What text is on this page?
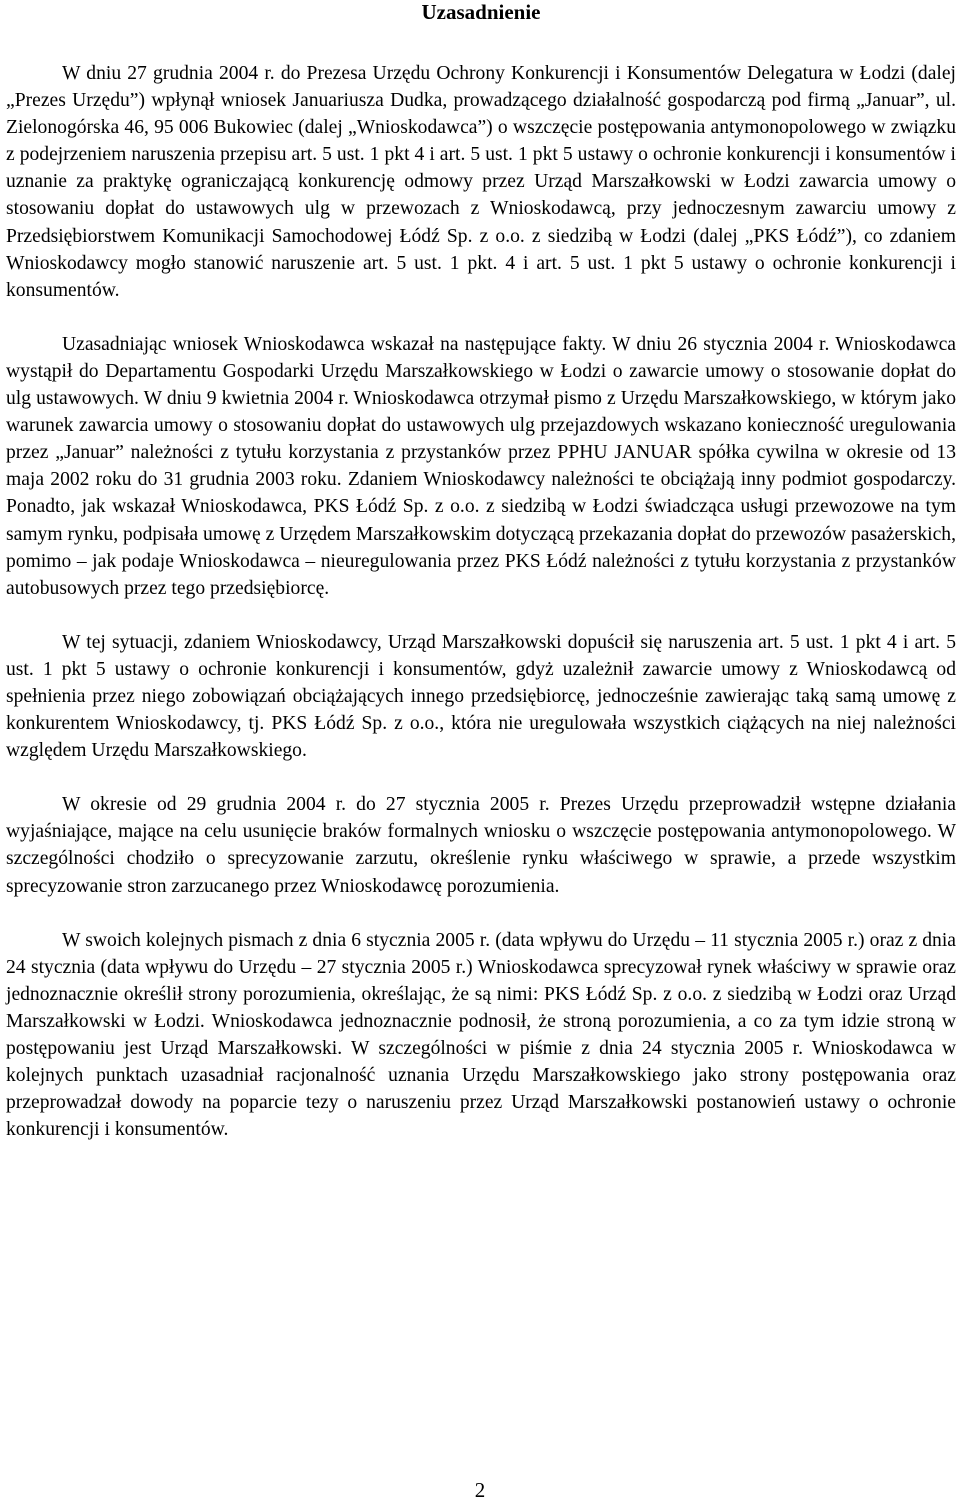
Uzasadnienie

W dniu 27 grudnia 2004 r. do Prezesa Urzędu Ochrony Konkurencji i Konsumentów Delegatura w Łodzi (dalej „Prezes Urzędu”) wpłynął wniosek Januariusza Dudka, prowadzącego działalność gospodarczą pod firmą „Januar”, ul. Zielonogórska 46, 95 006 Bukowiec (dalej „Wnioskodawca”) o wszczęcie postępowania antymonopolowego w związku z podejrzeniem naruszenia przepisu art. 5 ust. 1 pkt 4 i art. 5 ust. 1 pkt 5 ustawy o ochronie konkurencji i konsumentów i uznanie za praktykę ograniczającą konkurencję odmowy przez Urząd Marszałkowski w Łodzi zawarcia umowy o stosowaniu dopłat do ustawowych ulg w przewozach z Wnioskodawcą, przy jednoczesnym zawarciu umowy z Przedsiębiorstwem Komunikacji Samochodowej Łódź Sp. z o.o. z siedzibą w Łodzi (dalej „PKS Łódź”), co zdaniem Wnioskodawcy mogło stanowić naruszenie art. 5 ust. 1 pkt. 4 i art. 5 ust. 1 pkt 5 ustawy o ochronie konkurencji i konsumentów.

Uzasadniając wniosek Wnioskodawca wskazał na następujące fakty. W dniu 26 stycznia 2004 r. Wnioskodawca wystąpił do Departamentu Gospodarki Urzędu Marszałkowskiego w Łodzi o zawarcie umowy o stosowanie dopłat do ulg ustawowych. W dniu 9 kwietnia 2004 r. Wnioskodawca otrzymał pismo z Urzędu Marszałkowskiego, w którym jako warunek zawarcia umowy o stosowaniu dopłat do ustawowych ulg przejazdowych wskazano konieczność uregulowania przez „Januar” należności z tytułu korzystania z przystanków przez PPHU JANUAR spółka cywilna w okresie od 13 maja 2002 roku do 31 grudnia 2003 roku. Zdaniem Wnioskodawcy należności te obciążają inny podmiot gospodarczy. Ponadto, jak wskazał Wnioskodawca, PKS Łódź Sp. z o.o. z siedzibą w Łodzi świadcząca usługi przewozowe na tym samym rynku, podpisała umowę z Urzędem Marszałkowskim dotyczącą przekazania dopłat do przewozów pasażerskich, pomimo – jak podaje Wnioskodawca – nieuregulowania przez PKS Łódź należności z tytułu korzystania z przystanków autobusowych przez tego przedsiębiorcę.

W tej sytuacji, zdaniem Wnioskodawcy, Urząd Marszałkowski dopuścił się naruszenia art. 5 ust. 1 pkt 4 i art. 5 ust. 1 pkt 5 ustawy o ochronie konkurencji i konsumentów, gdyż uzależnił zawarcie umowy z Wnioskodawcą od spełnienia przez niego zobowiązań obciążających innego przedsiębiorcę, jednocześnie zawierając taką samą umowę z konkurentem Wnioskodawcy, tj. PKS Łódź Sp. z o.o., która nie uregulowała wszystkich ciążących na niej należności względem Urzędu Marszałkowskiego.

W okresie od 29 grudnia 2004 r. do 27 stycznia 2005 r. Prezes Urzędu przeprowadził wstępne działania wyjaśniające, mające na celu usunięcie braków formalnych wniosku o wszczęcie postępowania antymonopolowego. W szczególności chodziło o sprecyzowanie zarzutu, określenie rynku właściwego w sprawie, a przede wszystkim sprecyzowanie stron zarzucanego przez Wnioskodawcę porozumienia.

W swoich kolejnych pismach z dnia 6 stycznia 2005 r. (data wpływu do Urzędu – 11 stycznia 2005 r.) oraz z dnia 24 stycznia (data wpływu do Urzędu – 27 stycznia 2005 r.) Wnioskodawca sprecyzował rynek właściwy w sprawie oraz jednoznacznie określił strony porozumienia, określając, że są nimi: PKS Łódź Sp. z o.o. z siedzibą w Łodzi oraz Urząd Marszałkowski w Łodzi. Wnioskodawca jednoznacznie podnosił, że stroną porozumienia, a co za tym idzie stroną w postępowaniu jest Urząd Marszałkowski. W szczególności w piśmie z dnia 24 stycznia 2005 r. Wnioskodawca w kolejnych punktach uzasadniał racjonalność uznania Urzędu Marszałkowskiego jako strony postępowania oraz przeprowadzał dowody na poparcie tezy o naruszeniu przez Urząd Marszałkowski postanowień ustawy o ochronie konkurencji i konsumentów.

2
